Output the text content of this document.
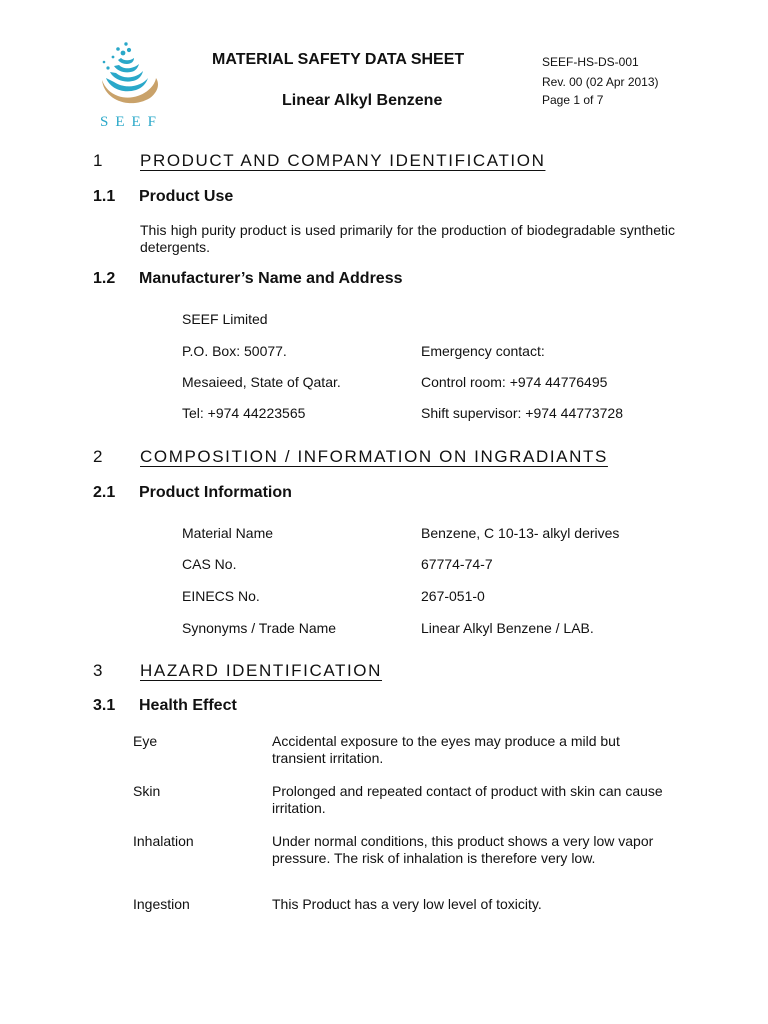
SEEF
MATERIAL SAFETY DATA SHEET
Linear Alkyl Benzene
SEEF-HS-DS-001
Rev. 00 (02 Apr 2013)
Page 1 of 7
1 PRODUCT AND COMPANY IDENTIFICATION
1.1 Product Use
This high purity product is used primarily for the production of biodegradable synthetic detergents.
1.2 Manufacturer’s Name and Address
SEEF Limited
P.O. Box: 50077.	Emergency contact:
Mesaieed, State of Qatar.	Control room: +974 44776495
Tel: +974 44223565	Shift supervisor: +974 44773728
2 COMPOSITION / INFORMATION ON INGRADIANTS
2.1 Product Information
Material Name	Benzene, C 10-13- alkyl derives
CAS No.	67774-74-7
EINECS No.	267-051-0
Synonyms / Trade Name	Linear Alkyl Benzene / LAB.
3 HAZARD IDENTIFICATION
3.1 Health Effect
Eye	Accidental exposure to the eyes may produce a mild but transient irritation.
Skin	Prolonged and repeated contact of product with skin can cause irritation.
Inhalation	Under normal conditions, this product shows a very low vapor pressure. The risk of inhalation is therefore very low.
Ingestion	This Product has a very low level of toxicity.
